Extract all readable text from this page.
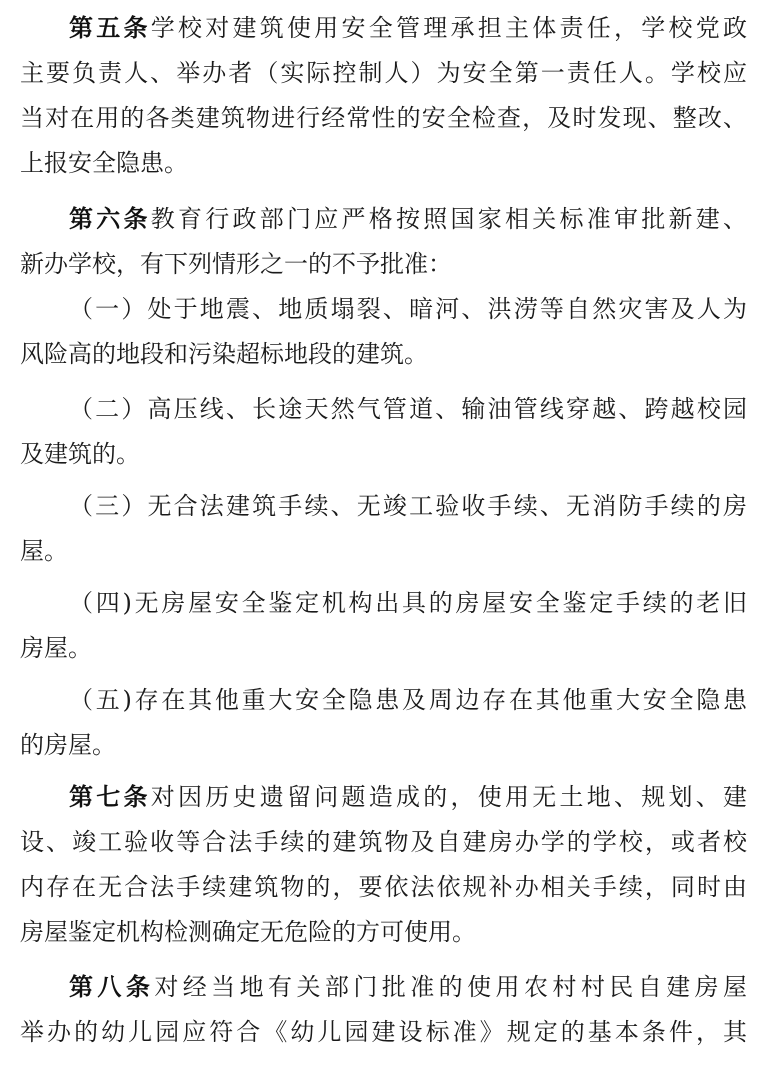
第五条学校对建筑使用安全管理承担主体责任，学校党政
主要负责人、举办者（实际控制人）为安全第一责任人。学校应
当对在用的各类建筑物进行经常性的安全检查，及时发现、整改、
上报安全隐患。
第六条教育行政部门应严格按照国家相关标准审批新建、
新办学校，有下列情形之一的不予批准：
（一）处于地震、地质塌裂、暗河、洪涝等自然灾害及人为
风险高的地段和污染超标地段的建筑。
（二）高压线、长途天然气管道、输油管线穿越、跨越校园
及建筑的。
（三）无合法建筑手续、无竣工验收手续、无消防手续的房
屋。
（四)无房屋安全鉴定机构出具的房屋安全鉴定手续的老旧
房屋。
（五)存在其他重大安全隐患及周边存在其他重大安全隐患
的房屋。
第七条对因历史遗留问题造成的，使用无土地、规划、建
设、竣工验收等合法手续的建筑物及自建房办学的学校，或者校
内存在无合法手续建筑物的，要依法依规补办相关手续，同时由
房屋鉴定机构检测确定无危险的方可使用。
第八条对经当地有关部门批准的使用农村村民自建房屋
举办的幼儿园应符合《幼儿园建设标准》规定的基本条件，其
